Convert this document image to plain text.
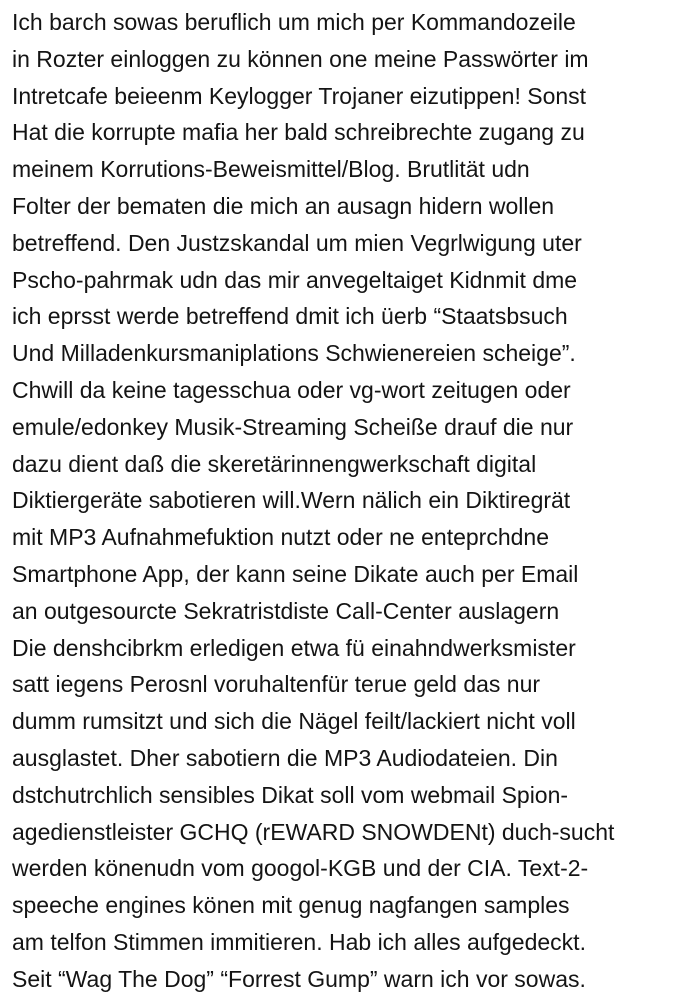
Ich barch sowas beruflich um mich per Kommandozeile
in Rozter einloggen zu können one meine Passwörter im
Intretcafe beieenm Keylogger Trojaner eizutippen! Sonst
Hat die korrupte mafia her bald schreibrechte zugang zu
meinem Korrutions-Beweismittel/Blog. Brutlität udn
Folter der bematen die mich an ausagn hidern wollen
betreffend. Den Justzskandal um mien Vegrlwigung uter
Pscho-pahrmak udn das mir anvegeltaiget Kidnmit dme
ich eprsst werde betreffend dmit ich üerb “Staatsbsuch
Und Milladenkursmaniplations Schwienereien scheige”.
Chwill da keine tagesschua oder vg-wort zeitugen oder
emule/edonkey Musik-Streaming Scheiße drauf die nur
dazu dient daß die skeretärinnengwerkschaft digital
Diktiergeräte sabotieren will.Wern nälich ein Diktiregrät
mit MP3 Aufnahmefuktion nutzt oder ne enteprchdne
Smartphone App, der kann seine Dikate auch per Email
an outgesourcte Sekratristdiste Call-Center auslagern
Die denshcibrkm erledigen etwa fü einahndwerksmister
satt iegens Perosnl voruhaltenfür terue geld das nur
dumm rumsitzt und sich die Nägel feilt/lackiert nicht voll
ausglastet. Dher sabotiern die MP3 Audiodateien. Din
dstchutrchlich sensibles Dikat soll vom webmail Spion-
agedienstleister GCHQ (rEWARD SNOWDENt) duch-sucht
werden könenudn vom googol-KGB und der CIA. Text-2-
speeche engines könen mit genug nagfangen samples
am telfon Stimmen immitieren. Hab ich alles aufgedeckt.
Seit “Wag The Dog” “Forrest Gump” warn ich vor sowas.
